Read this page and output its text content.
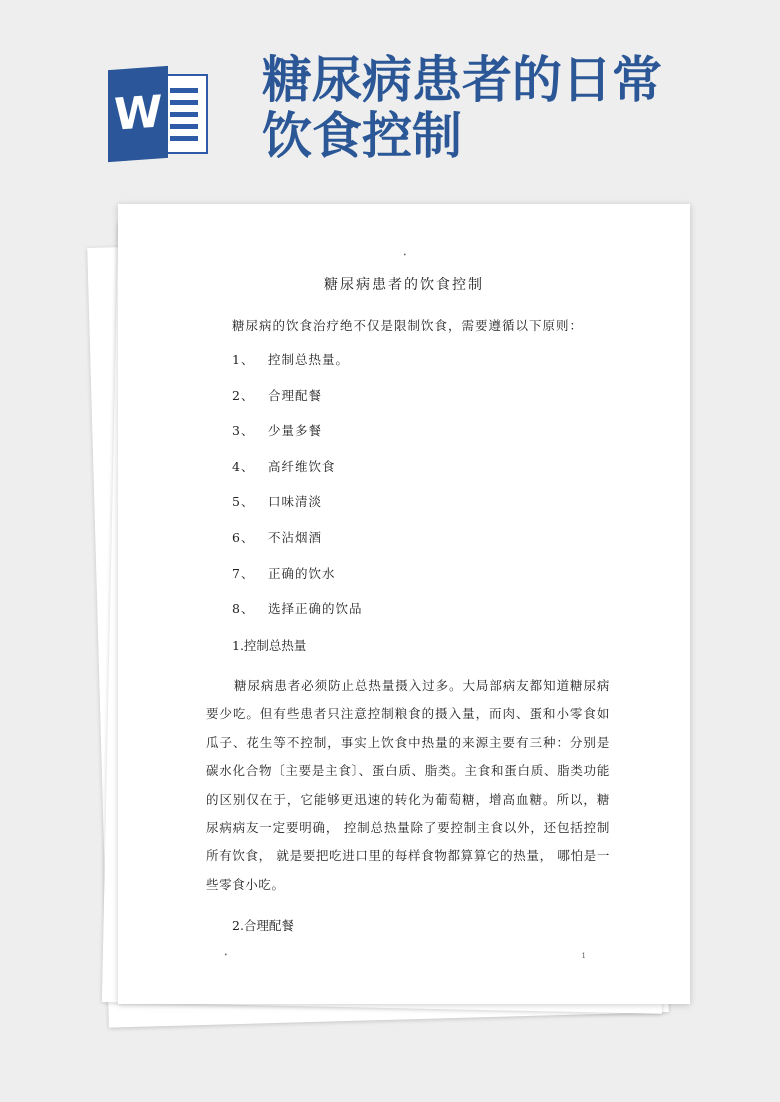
W
糖尿病患者的日常
饮食控制
•
糖尿病患者的饮食控制
糖尿病的饮食治疗绝不仅是限制饮食，需要遵循以下原则：
1、	控制总热量。
2、	合理配餐
3、	少量多餐
4、	高纤维饮食
5、	口味清淡
6、	不沾烟酒
7、	正确的饮水
8、	选择正确的饮品
1.控制总热量

糖尿病患者必须防止总热量摄入过多。大局部病友都知道糖尿病要少吃。但有些患者只注意控制粮食的摄入量，而肉、蛋和小零食如瓜子、花生等不控制，事实上饮食中热量的来源主要有三种：分别是碳水化合物〔主要是主食〕、蛋白质、脂类。主食和蛋白质、脂类功能的区别仅在于，它能够更迅速的转化为葡萄糖，增高血糖。所以，糖尿病病友一定要明确， 控制总热量除了要控制主食以外，还包括控制所有饮食， 就是要把吃进口里的每样食物都算算它的热量， 哪怕是一些零食小吃。

2.合理配餐
•	1
